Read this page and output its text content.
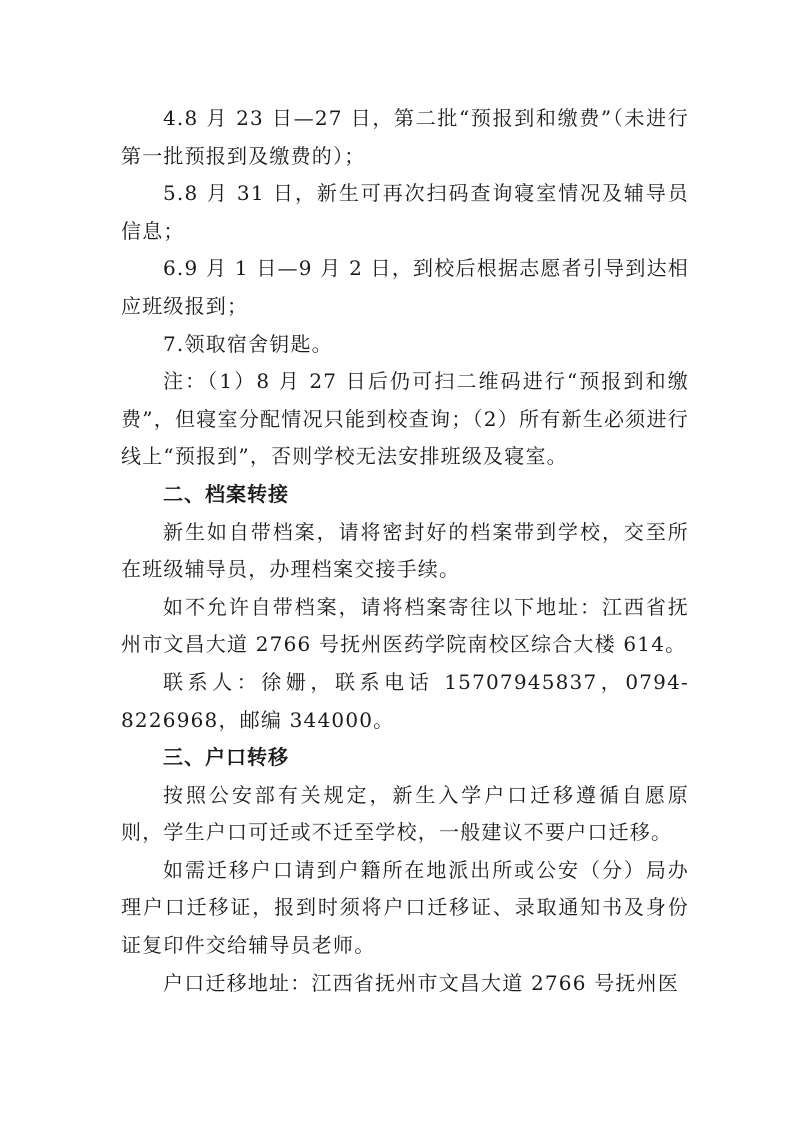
4.8 月 23 日—27 日，第二批“预报到和缴费”（未进行第一批预报到及缴费的）；

5.8 月 31 日，新生可再次扫码查询寝室情况及辅导员信息；

6.9 月 1 日—9 月 2 日，到校后根据志愿者引导到达相应班级报到；

7.领取宿舍钥匙。

注：（1）8 月 27 日后仍可扫二维码进行“预报到和缴费”，但寝室分配情况只能到校查询；（2）所有新生必须进行线上“预报到”，否则学校无法安排班级及寝室。

二、档案转接

新生如自带档案，请将密封好的档案带到学校，交至所在班级辅导员，办理档案交接手续。

如不允许自带档案，请将档案寄往以下地址：江西省抚州市文昌大道 2766 号抚州医药学院南校区综合大楼 614。

联系人：徐姗，联系电话 15707945837，0794-8226968，邮编 344000。

三、户口转移

按照公安部有关规定，新生入学户口迁移遵循自愿原则，学生户口可迁或不迁至学校，一般建议不要户口迁移。

如需迁移户口请到户籍所在地派出所或公安（分）局办理户口迁移证，报到时须将户口迁移证、录取通知书及身份证复印件交给辅导员老师。

户口迁移地址：江西省抚州市文昌大道 2766 号抚州医
